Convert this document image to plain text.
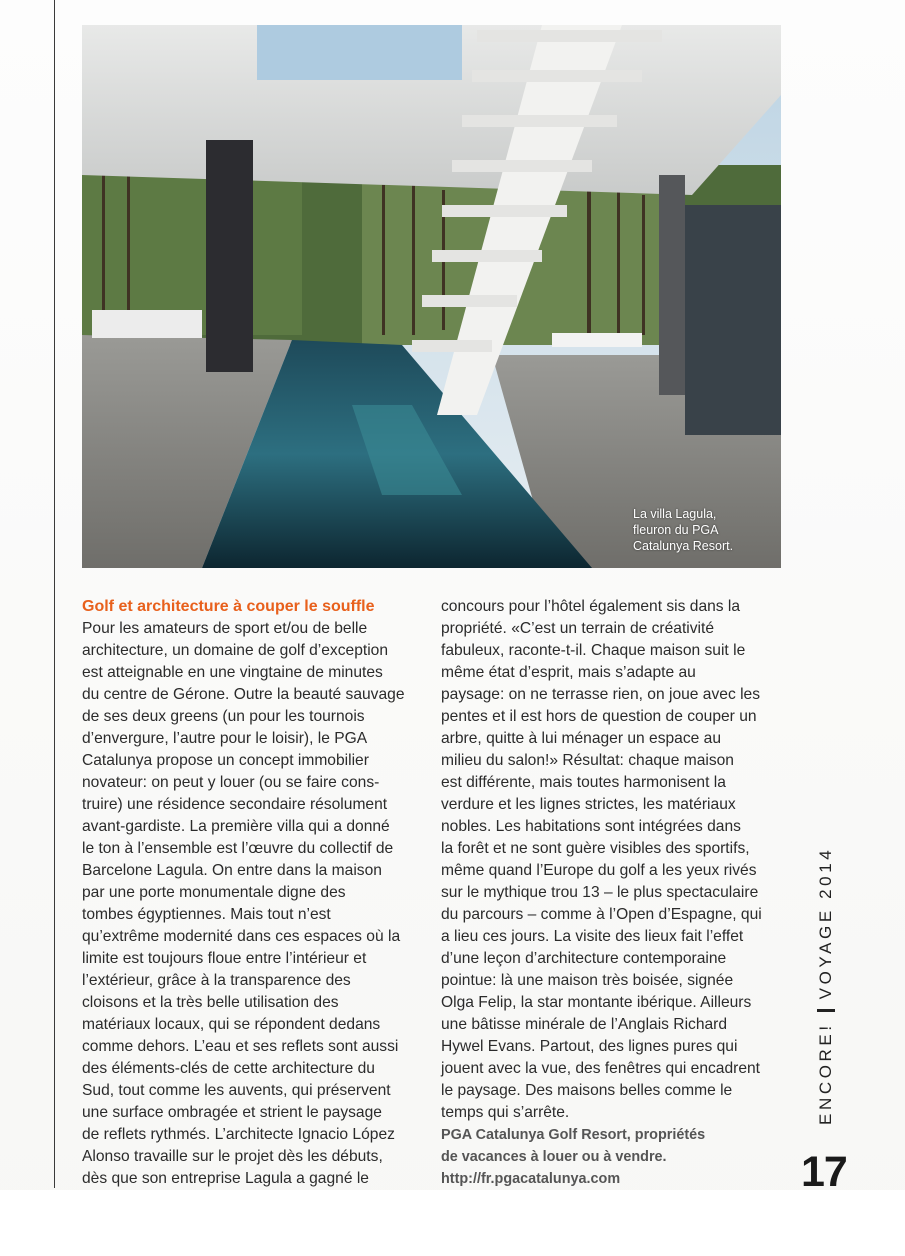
La villa Lagula,
fleuron du PGA
Catalunya Resort.
Golf et architecture à couper le souffle

Pour les amateurs de sport et/ou de belle
architecture, un domaine de golf d’exception
est atteignable en une vingtaine de minutes
du centre de Gérone. Outre la beauté sauvage
de ses deux greens (un pour les tournois
d’envergure, l’autre pour le loisir), le PGA
Catalunya propose un concept immobilier
novateur: on peut y louer (ou se faire cons-
truire) une résidence secondaire résolument
avant-gardiste. La première villa qui a donné
le ton à l’ensemble est l’œuvre du collectif de
Barcelone Lagula. On entre dans la maison
par une porte monumentale digne des
tombes égyptiennes. Mais tout n’est
qu’extrême modernité dans ces espaces où la
limite est toujours floue entre l’intérieur et
l’extérieur, grâce à la transparence des
cloisons et la très belle utilisation des
matériaux locaux, qui se répondent dedans
comme dehors. L’eau et ses reflets sont aussi
des éléments-clés de cette architecture du
Sud, tout comme les auvents, qui préservent
une surface ombragée et strient le paysage
de reflets rythmés. L’architecte Ignacio López
Alonso travaille sur le projet dès les débuts,
dès que son entreprise Lagula a gagné le

concours pour l’hôtel également sis dans la
propriété. «C’est un terrain de créativité
fabuleux, raconte-t-il. Chaque maison suit le
même état d’esprit, mais s’adapte au
paysage: on ne terrasse rien, on joue avec les
pentes et il est hors de question de couper un
arbre, quitte à lui ménager un espace au
milieu du salon!» Résultat: chaque maison
est différente, mais toutes harmonisent la
verdure et les lignes strictes, les matériaux
nobles. Les habitations sont intégrées dans
la forêt et ne sont guère visibles des sportifs,
même quand l’Europe du golf a les yeux rivés
sur le mythique trou 13 – le plus spectaculaire
du parcours – comme à l’Open d’Espagne, qui
a lieu ces jours. La visite des lieux fait l’effet
d’une leçon d’architecture contemporaine
pointue: là une maison très boisée, signée
Olga Felip, la star montante ibérique. Ailleurs
une bâtisse minérale de l’Anglais Richard
Hywel Evans. Partout, des lignes pures qui
jouent avec la vue, des fenêtres qui encadrent
le paysage. Des maisons belles comme le
temps qui s’arrête.

PGA Catalunya Golf Resort, propriétés
de vacances à louer ou à vendre.
http://fr.pgacatalunya.com

ENCORE!
VOYAGE 2014
17
